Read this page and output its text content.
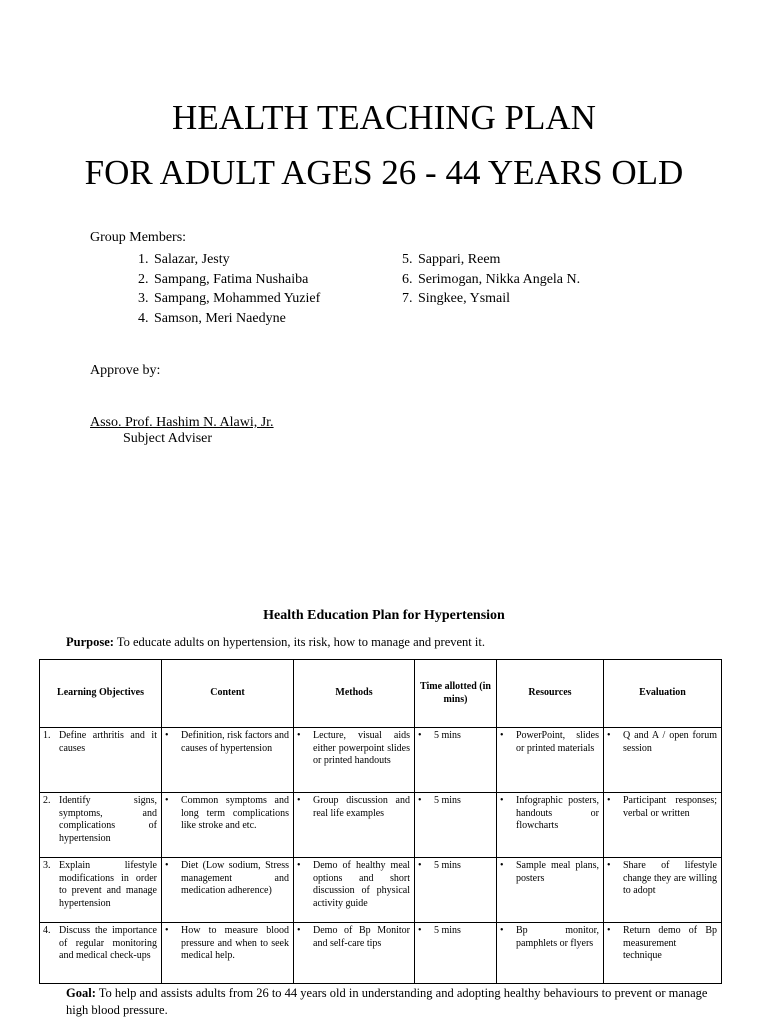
HEALTH TEACHING PLAN
FOR ADULT AGES 26 - 44 YEARS OLD
Group Members:
1. Salazar, Jesty
2. Sampang, Fatima Nushaiba
3. Sampang, Mohammed Yuzief
4. Samson, Meri Naedyne
5. Sappari, Reem
6. Serimogan, Nikka Angela N.
7. Singkee, Ysmail
Approve by:
Asso. Prof. Hashim N. Alawi, Jr.
Subject Adviser
Health Education Plan for Hypertension
Purpose: To educate adults on hypertension, its risk, how to manage and prevent it.
Learning Objectives	Content	Methods	Time allotted (in mins)	Resources	Evaluation

1. Define arthritis and it causes	• Definition, risk factors and causes of hypertension	• Lecture, visual aids either powerpoint slides or printed handouts	• 5 mins	• PowerPoint, slides or printed materials	• Q and A / open forum session

2. Identify signs, symptoms, and complications of hypertension	• Common symptoms and long term complications like stroke and etc.	• Group discussion and real life examples	• 5 mins	• Infographic posters, handouts or flowcharts	• Participant responses; verbal or written

3. Explain lifestyle modifications in order to prevent and manage hypertension	• Diet (Low sodium, Stress management and medication adherence)	• Demo of healthy meal options and short discussion of physical activity guide	• 5 mins	• Sample meal plans, posters	• Share of lifestyle change they are willing to adopt

4. Discuss the importance of regular monitoring and medical check-ups	• How to measure blood pressure and when to seek medical help.	• Demo of Bp Monitor and self-care tips	• 5 mins	• Bp monitor, pamphlets or flyers	• Return demo of Bp measurement technique
Goal: To help and assists adults from 26 to 44 years old in understanding and adopting healthy behaviours to prevent or manage high blood pressure.
